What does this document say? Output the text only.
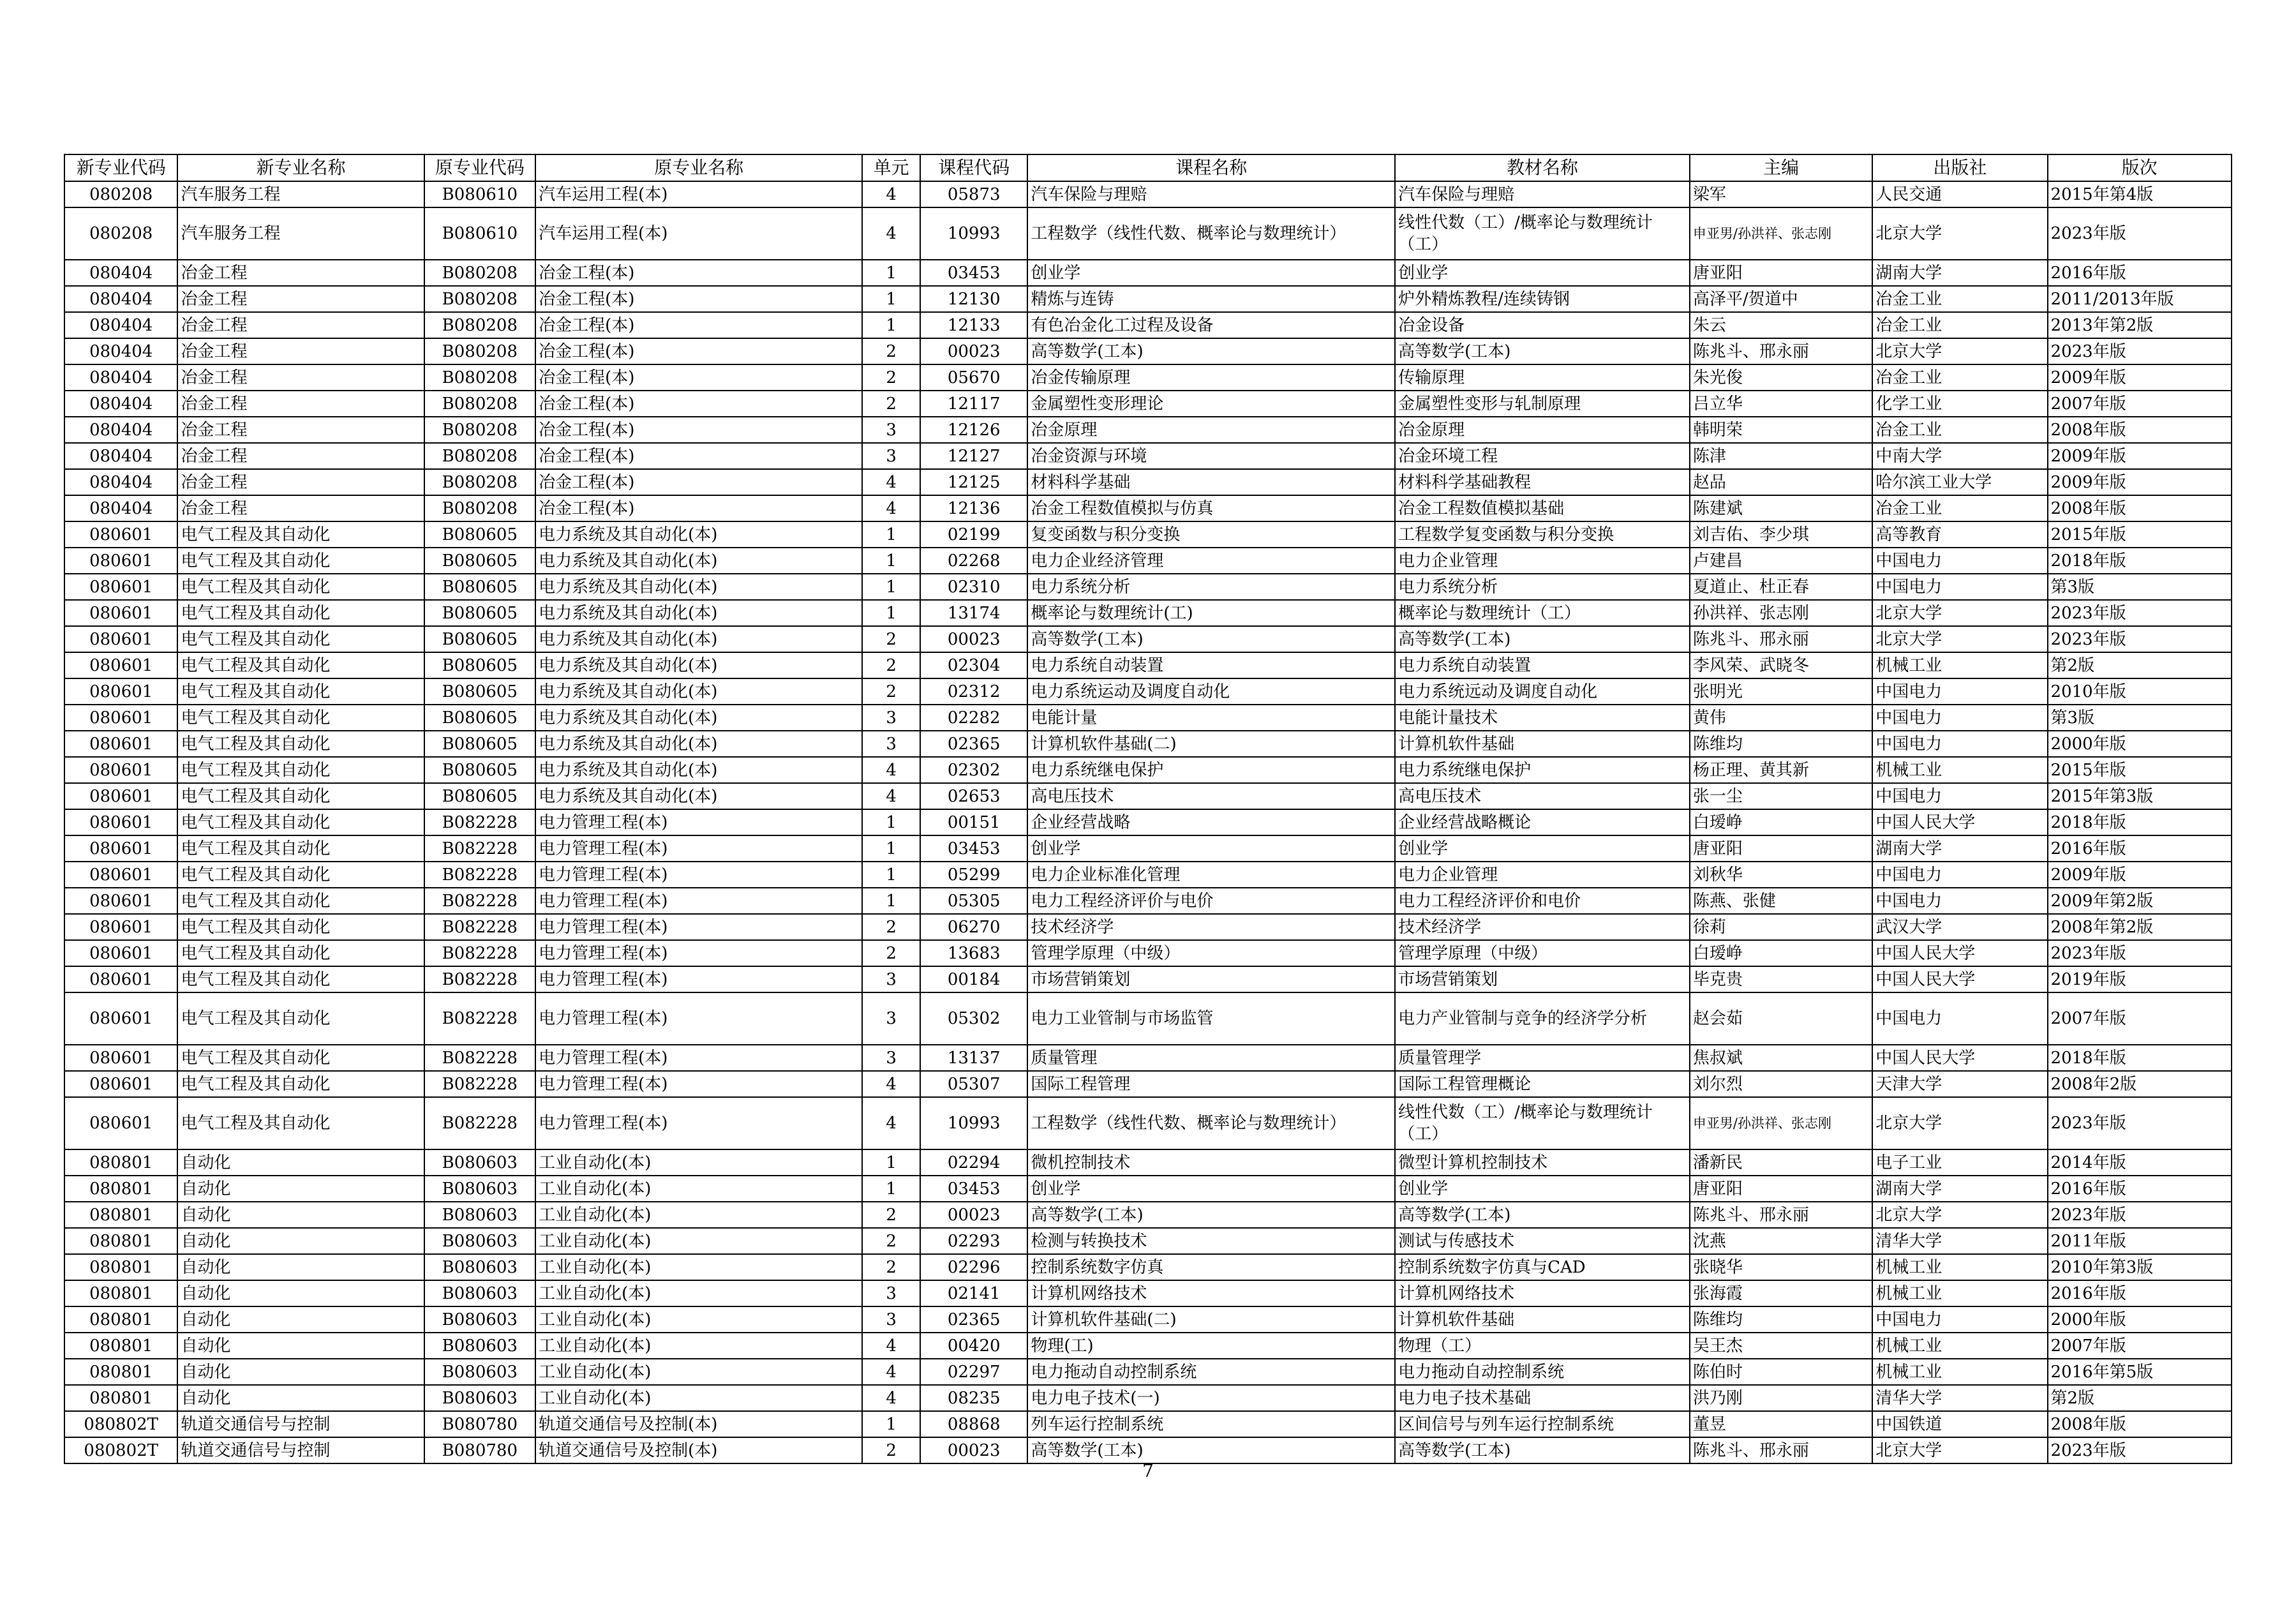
新专业代码	新专业名称	原专业代码	原专业名称	单元	课程代码	课程名称	教材名称	主编	出版社	版次
080208	汽车服务工程	B080610	汽车运用工程(本)	4	05873	汽车保险与理赔	汽车保险与理赔	梁军	人民交通	2015年第4版
080208	汽车服务工程	B080610	汽车运用工程(本)	4	10993	工程数学（线性代数、概率论与数理统计）	线性代数（工）/概率论与数理统计（工）	申亚男/孙洪祥、张志刚	北京大学	2023年版
080404	冶金工程	B080208	冶金工程(本)	1	03453	创业学	创业学	唐亚阳	湖南大学	2016年版
080404	冶金工程	B080208	冶金工程(本)	1	12130	精炼与连铸	炉外精炼教程/连续铸钢	高泽平/贺道中	冶金工业	2011/2013年版
080404	冶金工程	B080208	冶金工程(本)	1	12133	有色冶金化工过程及设备	冶金设备	朱云	冶金工业	2013年第2版
080404	冶金工程	B080208	冶金工程(本)	2	00023	高等数学(工本)	高等数学(工本)	陈兆斗、邢永丽	北京大学	2023年版
080404	冶金工程	B080208	冶金工程(本)	2	05670	冶金传输原理	传输原理	朱光俊	冶金工业	2009年版
080404	冶金工程	B080208	冶金工程(本)	2	12117	金属塑性变形理论	金属塑性变形与轧制原理	吕立华	化学工业	2007年版
080404	冶金工程	B080208	冶金工程(本)	3	12126	冶金原理	冶金原理	韩明荣	冶金工业	2008年版
080404	冶金工程	B080208	冶金工程(本)	3	12127	冶金资源与环境	冶金环境工程	陈津	中南大学	2009年版
080404	冶金工程	B080208	冶金工程(本)	4	12125	材料科学基础	材料科学基础教程	赵品	哈尔滨工业大学	2009年版
080404	冶金工程	B080208	冶金工程(本)	4	12136	冶金工程数值模拟与仿真	冶金工程数值模拟基础	陈建斌	冶金工业	2008年版
080601	电气工程及其自动化	B080605	电力系统及其自动化(本)	1	02199	复变函数与积分变换	工程数学复变函数与积分变换	刘吉佑、李少琪	高等教育	2015年版
080601	电气工程及其自动化	B080605	电力系统及其自动化(本)	1	02268	电力企业经济管理	电力企业管理	卢建昌	中国电力	2018年版
080601	电气工程及其自动化	B080605	电力系统及其自动化(本)	1	02310	电力系统分析	电力系统分析	夏道止、杜正春	中国电力	第3版
080601	电气工程及其自动化	B080605	电力系统及其自动化(本)	1	13174	概率论与数理统计(工)	概率论与数理统计（工）	孙洪祥、张志刚	北京大学	2023年版
080601	电气工程及其自动化	B080605	电力系统及其自动化(本)	2	00023	高等数学(工本)	高等数学(工本)	陈兆斗、邢永丽	北京大学	2023年版
080601	电气工程及其自动化	B080605	电力系统及其自动化(本)	2	02304	电力系统自动装置	电力系统自动装置	李风荣、武晓冬	机械工业	第2版
080601	电气工程及其自动化	B080605	电力系统及其自动化(本)	2	02312	电力系统运动及调度自动化	电力系统远动及调度自动化	张明光	中国电力	2010年版
080601	电气工程及其自动化	B080605	电力系统及其自动化(本)	3	02282	电能计量	电能计量技术	黄伟	中国电力	第3版
080601	电气工程及其自动化	B080605	电力系统及其自动化(本)	3	02365	计算机软件基础(二)	计算机软件基础	陈维均	中国电力	2000年版
080601	电气工程及其自动化	B080605	电力系统及其自动化(本)	4	02302	电力系统继电保护	电力系统继电保护	杨正理、黄其新	机械工业	2015年版
080601	电气工程及其自动化	B080605	电力系统及其自动化(本)	4	02653	高电压技术	高电压技术	张一尘	中国电力	2015年第3版
080601	电气工程及其自动化	B082228	电力管理工程(本)	1	00151	企业经营战略	企业经营战略概论	白瑷峥	中国人民大学	2018年版
080601	电气工程及其自动化	B082228	电力管理工程(本)	1	03453	创业学	创业学	唐亚阳	湖南大学	2016年版
080601	电气工程及其自动化	B082228	电力管理工程(本)	1	05299	电力企业标准化管理	电力企业管理	刘秋华	中国电力	2009年版
080601	电气工程及其自动化	B082228	电力管理工程(本)	1	05305	电力工程经济评价与电价	电力工程经济评价和电价	陈燕、张健	中国电力	2009年第2版
080601	电气工程及其自动化	B082228	电力管理工程(本)	2	06270	技术经济学	技术经济学	徐莉	武汉大学	2008年第2版
080601	电气工程及其自动化	B082228	电力管理工程(本)	2	13683	管理学原理（中级）	管理学原理（中级）	白瑷峥	中国人民大学	2023年版
080601	电气工程及其自动化	B082228	电力管理工程(本)	3	00184	市场营销策划	市场营销策划	毕克贵	中国人民大学	2019年版
080601	电气工程及其自动化	B082228	电力管理工程(本)	3	05302	电力工业管制与市场监管	电力产业管制与竞争的经济学分析	赵会茹	中国电力	2007年版
080601	电气工程及其自动化	B082228	电力管理工程(本)	3	13137	质量管理	质量管理学	焦叔斌	中国人民大学	2018年版
080601	电气工程及其自动化	B082228	电力管理工程(本)	4	05307	国际工程管理	国际工程管理概论	刘尔烈	天津大学	2008年2版
080601	电气工程及其自动化	B082228	电力管理工程(本)	4	10993	工程数学（线性代数、概率论与数理统计）	线性代数（工）/概率论与数理统计（工）	申亚男/孙洪祥、张志刚	北京大学	2023年版
080801	自动化	B080603	工业自动化(本)	1	02294	微机控制技术	微型计算机控制技术	潘新民	电子工业	2014年版
080801	自动化	B080603	工业自动化(本)	1	03453	创业学	创业学	唐亚阳	湖南大学	2016年版
080801	自动化	B080603	工业自动化(本)	2	00023	高等数学(工本)	高等数学(工本)	陈兆斗、邢永丽	北京大学	2023年版
080801	自动化	B080603	工业自动化(本)	2	02293	检测与转换技术	测试与传感技术	沈燕	清华大学	2011年版
080801	自动化	B080603	工业自动化(本)	2	02296	控制系统数字仿真	控制系统数字仿真与CAD	张晓华	机械工业	2010年第3版
080801	自动化	B080603	工业自动化(本)	3	02141	计算机网络技术	计算机网络技术	张海霞	机械工业	2016年版
080801	自动化	B080603	工业自动化(本)	3	02365	计算机软件基础(二)	计算机软件基础	陈维均	中国电力	2000年版
080801	自动化	B080603	工业自动化(本)	4	00420	物理(工)	物理（工）	吴王杰	机械工业	2007年版
080801	自动化	B080603	工业自动化(本)	4	02297	电力拖动自动控制系统	电力拖动自动控制系统	陈伯时	机械工业	2016年第5版
080801	自动化	B080603	工业自动化(本)	4	08235	电力电子技术(一)	电力电子技术基础	洪乃刚	清华大学	第2版
080802T	轨道交通信号与控制	B080780	轨道交通信号及控制(本)	1	08868	列车运行控制系统	区间信号与列车运行控制系统	董昱	中国铁道	2008年版
080802T	轨道交通信号与控制	B080780	轨道交通信号及控制(本)	2	00023	高等数学(工本)	高等数学(工本)	陈兆斗、邢永丽	北京大学	2023年版
7
